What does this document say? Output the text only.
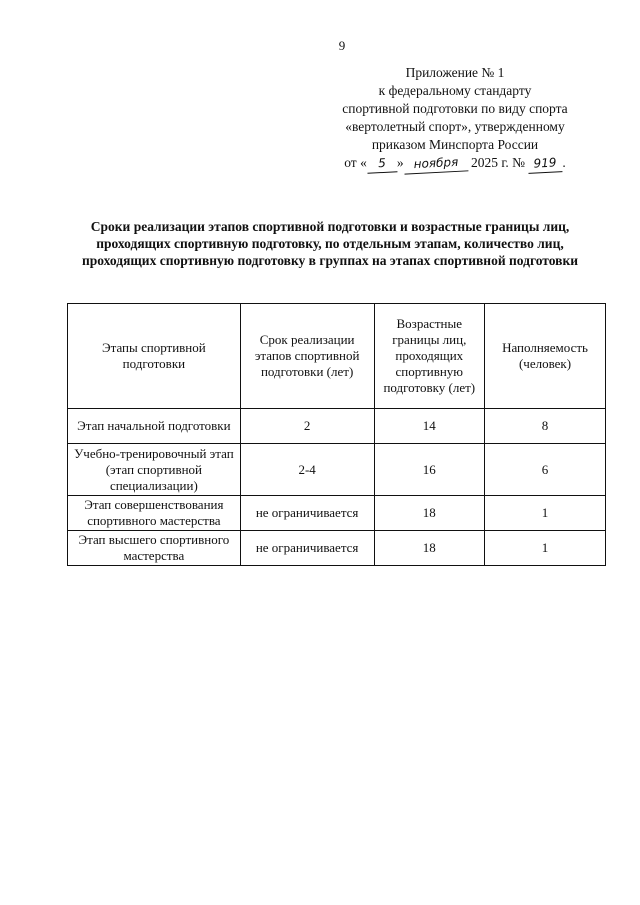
9
Приложение № 1
к федеральному стандарту
спортивной подготовки по виду спорта
«вертолетный спорт», утвержденному
приказом Минспорта России
от « 5 » ноября 2025 г. № 919 .
Сроки реализации этапов спортивной подготовки и возрастные границы лиц, проходящих спортивную подготовку, по отдельным этапам, количество лиц, проходящих спортивную подготовку в группах на этапах спортивной подготовки
Этапы спортивной подготовки	Срок реализации этапов спортивной подготовки (лет)	Возрастные границы лиц, проходящих спортивную подготовку (лет)	Наполняемость (человек)
Этап начальной подготовки	2	14	8
Учебно-тренировочный этап (этап спортивной специализации)	2-4	16	6
Этап совершенствования спортивного мастерства	не ограничивается	18	1
Этап высшего спортивного мастерства	не ограничивается	18	1
